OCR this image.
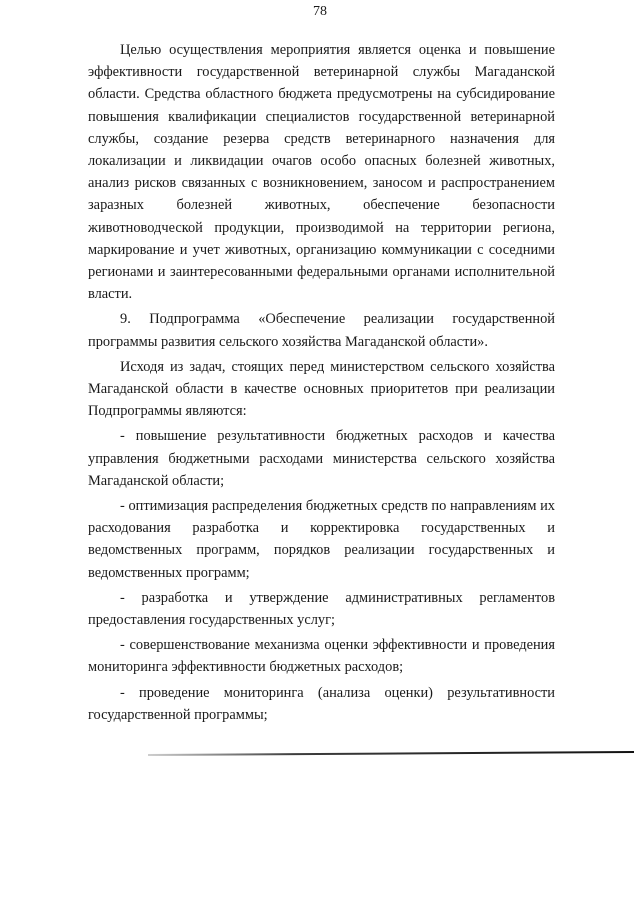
78

Целью осуществления мероприятия является оценка и повышение эффективности государственной ветеринарной службы Магаданской области. Средства областного бюджета предусмотрены на субсидирование повышения квалификации специалистов государственной ветеринарной службы, создание резерва средств ветеринарного назначения для локализации и ликвидации очагов особо опасных болезней животных, анализ рисков связанных с возникновением, заносом и распространением заразных болезней животных, обеспечение безопасности животноводческой продукции, производимой на территории региона, маркирование и учет животных, организацию коммуникации с соседними регионами и заинтересованными федеральными органами исполнительной власти.

9. Подпрограмма «Обеспечение реализации государственной программы развития сельского хозяйства Магаданской области».

Исходя из задач, стоящих перед министерством сельского хозяйства Магаданской области в качестве основных приоритетов при реализации Подпрограммы являются:

- повышение результативности бюджетных расходов и качества управления бюджетными расходами министерства сельского хозяйства Магаданской области;

- оптимизация распределения бюджетных средств по направлениям их расходования разработка и корректировка государственных и ведомственных программ, порядков реализации государственных и ведомственных программ;

- разработка и утверждение административных регламентов предоставления государственных услуг;

- совершенствование механизма оценки эффективности и проведения мониторинга эффективности бюджетных расходов;

- проведение мониторинга (анализа оценки) результативности государственной программы;
